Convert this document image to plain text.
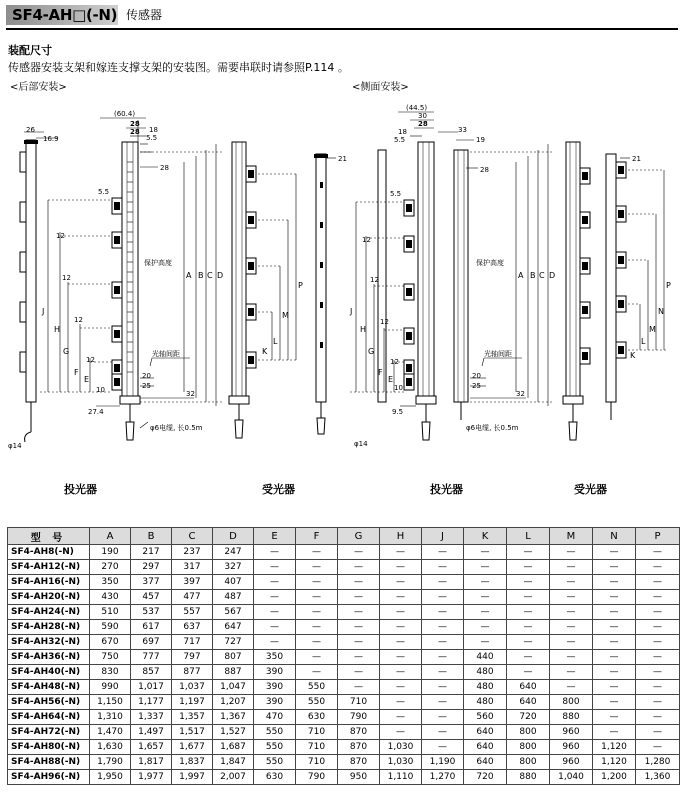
SF4-AH□(-N) 传感器
装配尺寸
传感器安装支架和嫁连支撑支架的安装图。需要串联时请参照P.114 。
<后部安装>	<侧面安装>
26
16.9
φ14
(60.4)
28
18
28
5.5
28
5.5
12
12
12
12
保护高度
光轴间距
20
25
32
10
27.4
φ6电缆, 长0.5m
A B C D
J
H
G
F
E
P
M
L
K
21
(44.5)
30
28
18
5.5
33
19
28
5.5
12
12
12
12
保护高度
光轴间距
20
25
32
10
9.5
φ6电缆, 长0.5m
φ14
A B C D
J
H
G
F
E
21
P
N
M
L
K
投光器	受光器	投光器	受光器
型 号	A	B	C	D	E	F	G	H	J	K	L	M	N	P
SF4-AH8(-N)	190	217	237	247	—	—	—	—	—	—	—	—	—	—
SF4-AH12(-N)	270	297	317	327	—	—	—	—	—	—	—	—	—	—
SF4-AH16(-N)	350	377	397	407	—	—	—	—	—	—	—	—	—	—
SF4-AH20(-N)	430	457	477	487	—	—	—	—	—	—	—	—	—	—
SF4-AH24(-N)	510	537	557	567	—	—	—	—	—	—	—	—	—	—
SF4-AH28(-N)	590	617	637	647	—	—	—	—	—	—	—	—	—	—
SF4-AH32(-N)	670	697	717	727	—	—	—	—	—	—	—	—	—	—
SF4-AH36(-N)	750	777	797	807	350	—	—	—	—	440	—	—	—	—
SF4-AH40(-N)	830	857	877	887	390	—	—	—	—	480	—	—	—	—
SF4-AH48(-N)	990	1,017	1,037	1,047	390	550	—	—	—	480	640	—	—	—
SF4-AH56(-N)	1,150	1,177	1,197	1,207	390	550	710	—	—	480	640	800	—	—
SF4-AH64(-N)	1,310	1,337	1,357	1,367	470	630	790	—	—	560	720	880	—	—
SF4-AH72(-N)	1,470	1,497	1,517	1,527	550	710	870	—	—	640	800	960	—	—
SF4-AH80(-N)	1,630	1,657	1,677	1,687	550	710	870	1,030	—	640	800	960	1,120	—
SF4-AH88(-N)	1,790	1,817	1,837	1,847	550	710	870	1,030	1,190	640	800	960	1,120	1,280
SF4-AH96(-N)	1,950	1,977	1,997	2,007	630	790	950	1,110	1,270	720	880	1,040	1,200	1,360
